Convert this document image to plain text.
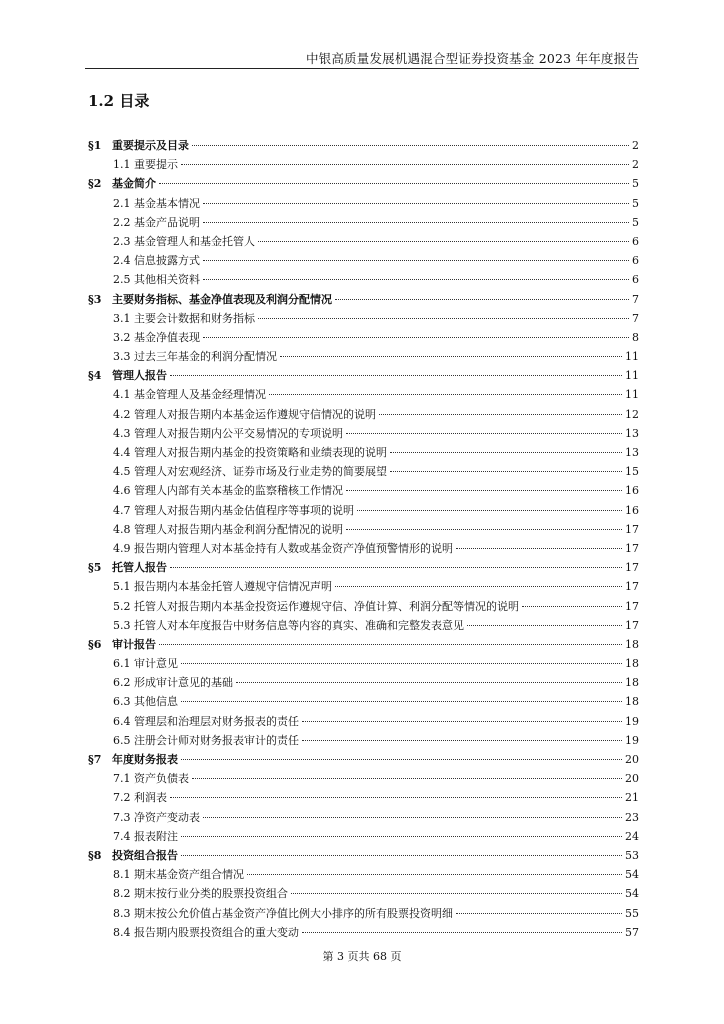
中银高质量发展机遇混合型证券投资基金 2023 年年度报告
1.2 目录
§1 重要提示及目录	2
1.1 重要提示	2
§2 基金简介	5
2.1 基金基本情况	5
2.2 基金产品说明	5
2.3 基金管理人和基金托管人	6
2.4 信息披露方式	6
2.5 其他相关资料	6
§3 主要财务指标、基金净值表现及利润分配情况	7
3.1 主要会计数据和财务指标	7
3.2 基金净值表现	8
3.3 过去三年基金的利润分配情况	11
§4 管理人报告	11
4.1 基金管理人及基金经理情况	11
4.2 管理人对报告期内本基金运作遵规守信情况的说明	12
4.3 管理人对报告期内公平交易情况的专项说明	13
4.4 管理人对报告期内基金的投资策略和业绩表现的说明	13
4.5 管理人对宏观经济、证券市场及行业走势的简要展望	15
4.6 管理人内部有关本基金的监察稽核工作情况	16
4.7 管理人对报告期内基金估值程序等事项的说明	16
4.8 管理人对报告期内基金利润分配情况的说明	17
4.9 报告期内管理人对本基金持有人数或基金资产净值预警情形的说明	17
§5 托管人报告	17
5.1 报告期内本基金托管人遵规守信情况声明	17
5.2 托管人对报告期内本基金投资运作遵规守信、净值计算、利润分配等情况的说明	17
5.3 托管人对本年度报告中财务信息等内容的真实、准确和完整发表意见	17
§6 审计报告	18
6.1 审计意见	18
6.2 形成审计意见的基础	18
6.3 其他信息	18
6.4 管理层和治理层对财务报表的责任	19
6.5 注册会计师对财务报表审计的责任	19
§7 年度财务报表	20
7.1 资产负债表	20
7.2 利润表	21
7.3 净资产变动表	23
7.4 报表附注	24
§8 投资组合报告	53
8.1 期末基金资产组合情况	54
8.2 期末按行业分类的股票投资组合	54
8.3 期末按公允价值占基金资产净值比例大小排序的所有股票投资明细	55
8.4 报告期内股票投资组合的重大变动	57
第 3 页共 68 页
